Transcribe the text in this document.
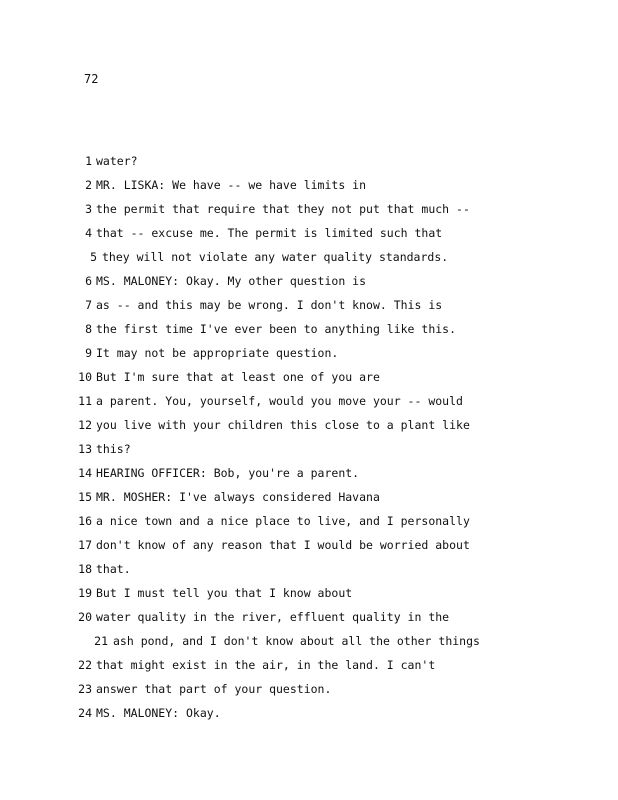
72
1 water?
2 MR. LISKA: We have -- we have limits in
3 the permit that require that they not put that much --
4 that -- excuse me. The permit is limited such that
5 they will not violate any water quality standards.
6 MS. MALONEY: Okay. My other question is
7 as -- and this may be wrong. I don't know. This is
8 the first time I've ever been to anything like this.
9 It may not be appropriate question.
10 But I'm sure that at least one of you are
11 a parent. You, yourself, would you move your -- would
12 you live with your children this close to a plant like
13 this?
14 HEARING OFFICER: Bob, you're a parent.
15 MR. MOSHER: I've always considered Havana
16 a nice town and a nice place to live, and I personally
17 don't know of any reason that I would be worried about
18 that.
19 But I must tell you that I know about
20 water quality in the river, effluent quality in the
21 ash pond, and I don't know about all the other things
22 that might exist in the air, in the land. I can't
23 answer that part of your question.
24 MS. MALONEY: Okay.
